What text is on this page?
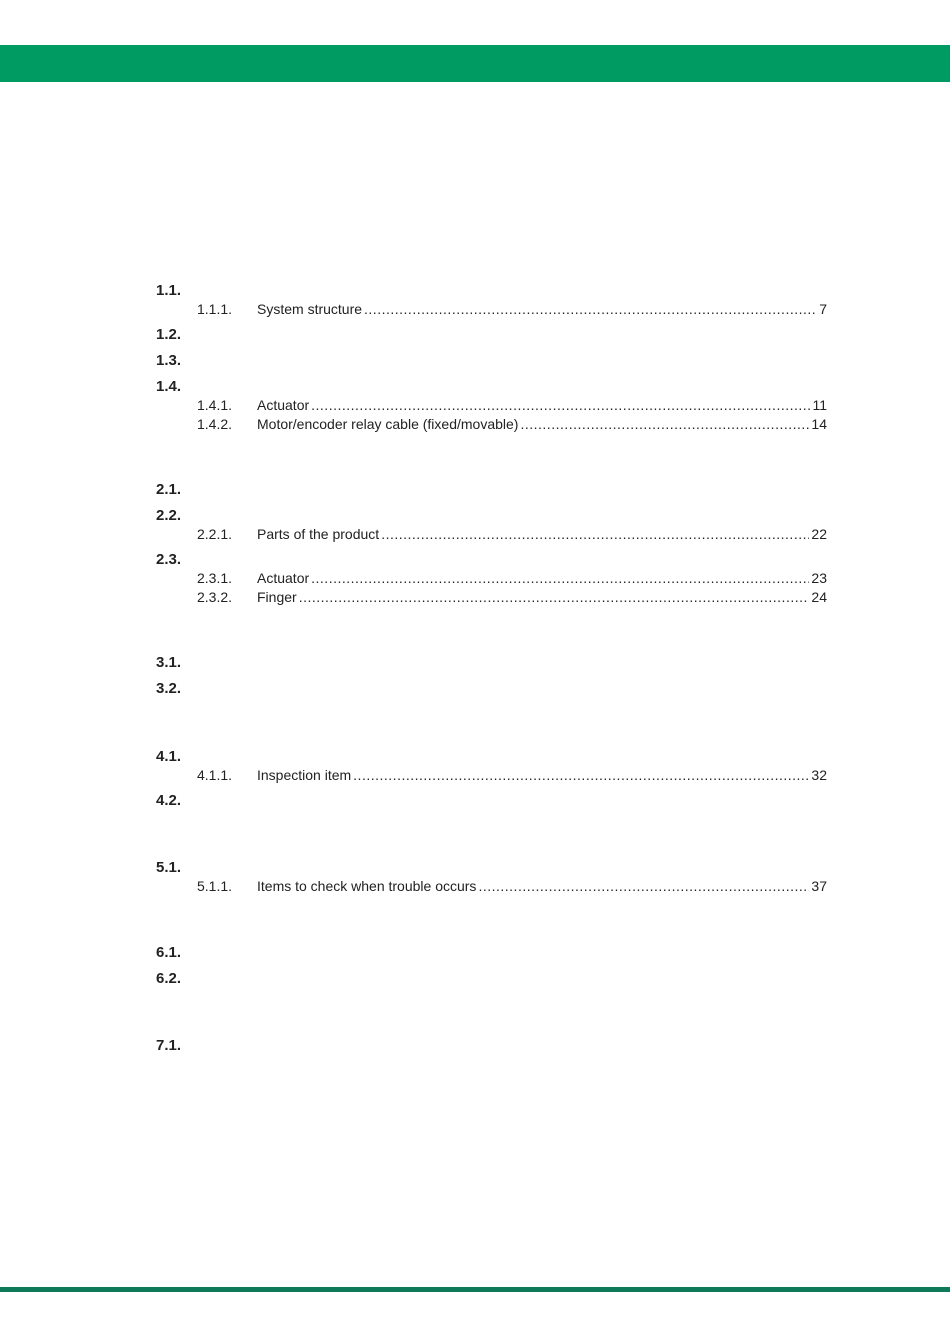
1.1.
1.1.1.	System structure .....	7
1.2.
1.3.
1.4.
1.4.1.	Actuator .....	11
1.4.2.	Motor/encoder relay cable (fixed/movable) .....	14
2.1.
2.2.
2.2.1.	Parts of the product .....	22
2.3.
2.3.1.	Actuator .....	23
2.3.2.	Finger .....	24
3.1.
3.2.
4.1.
4.1.1.	Inspection item .....	32
4.2.
5.1.
5.1.1.	Items to check when trouble occurs .....	37
6.1.
6.2.
7.1.
